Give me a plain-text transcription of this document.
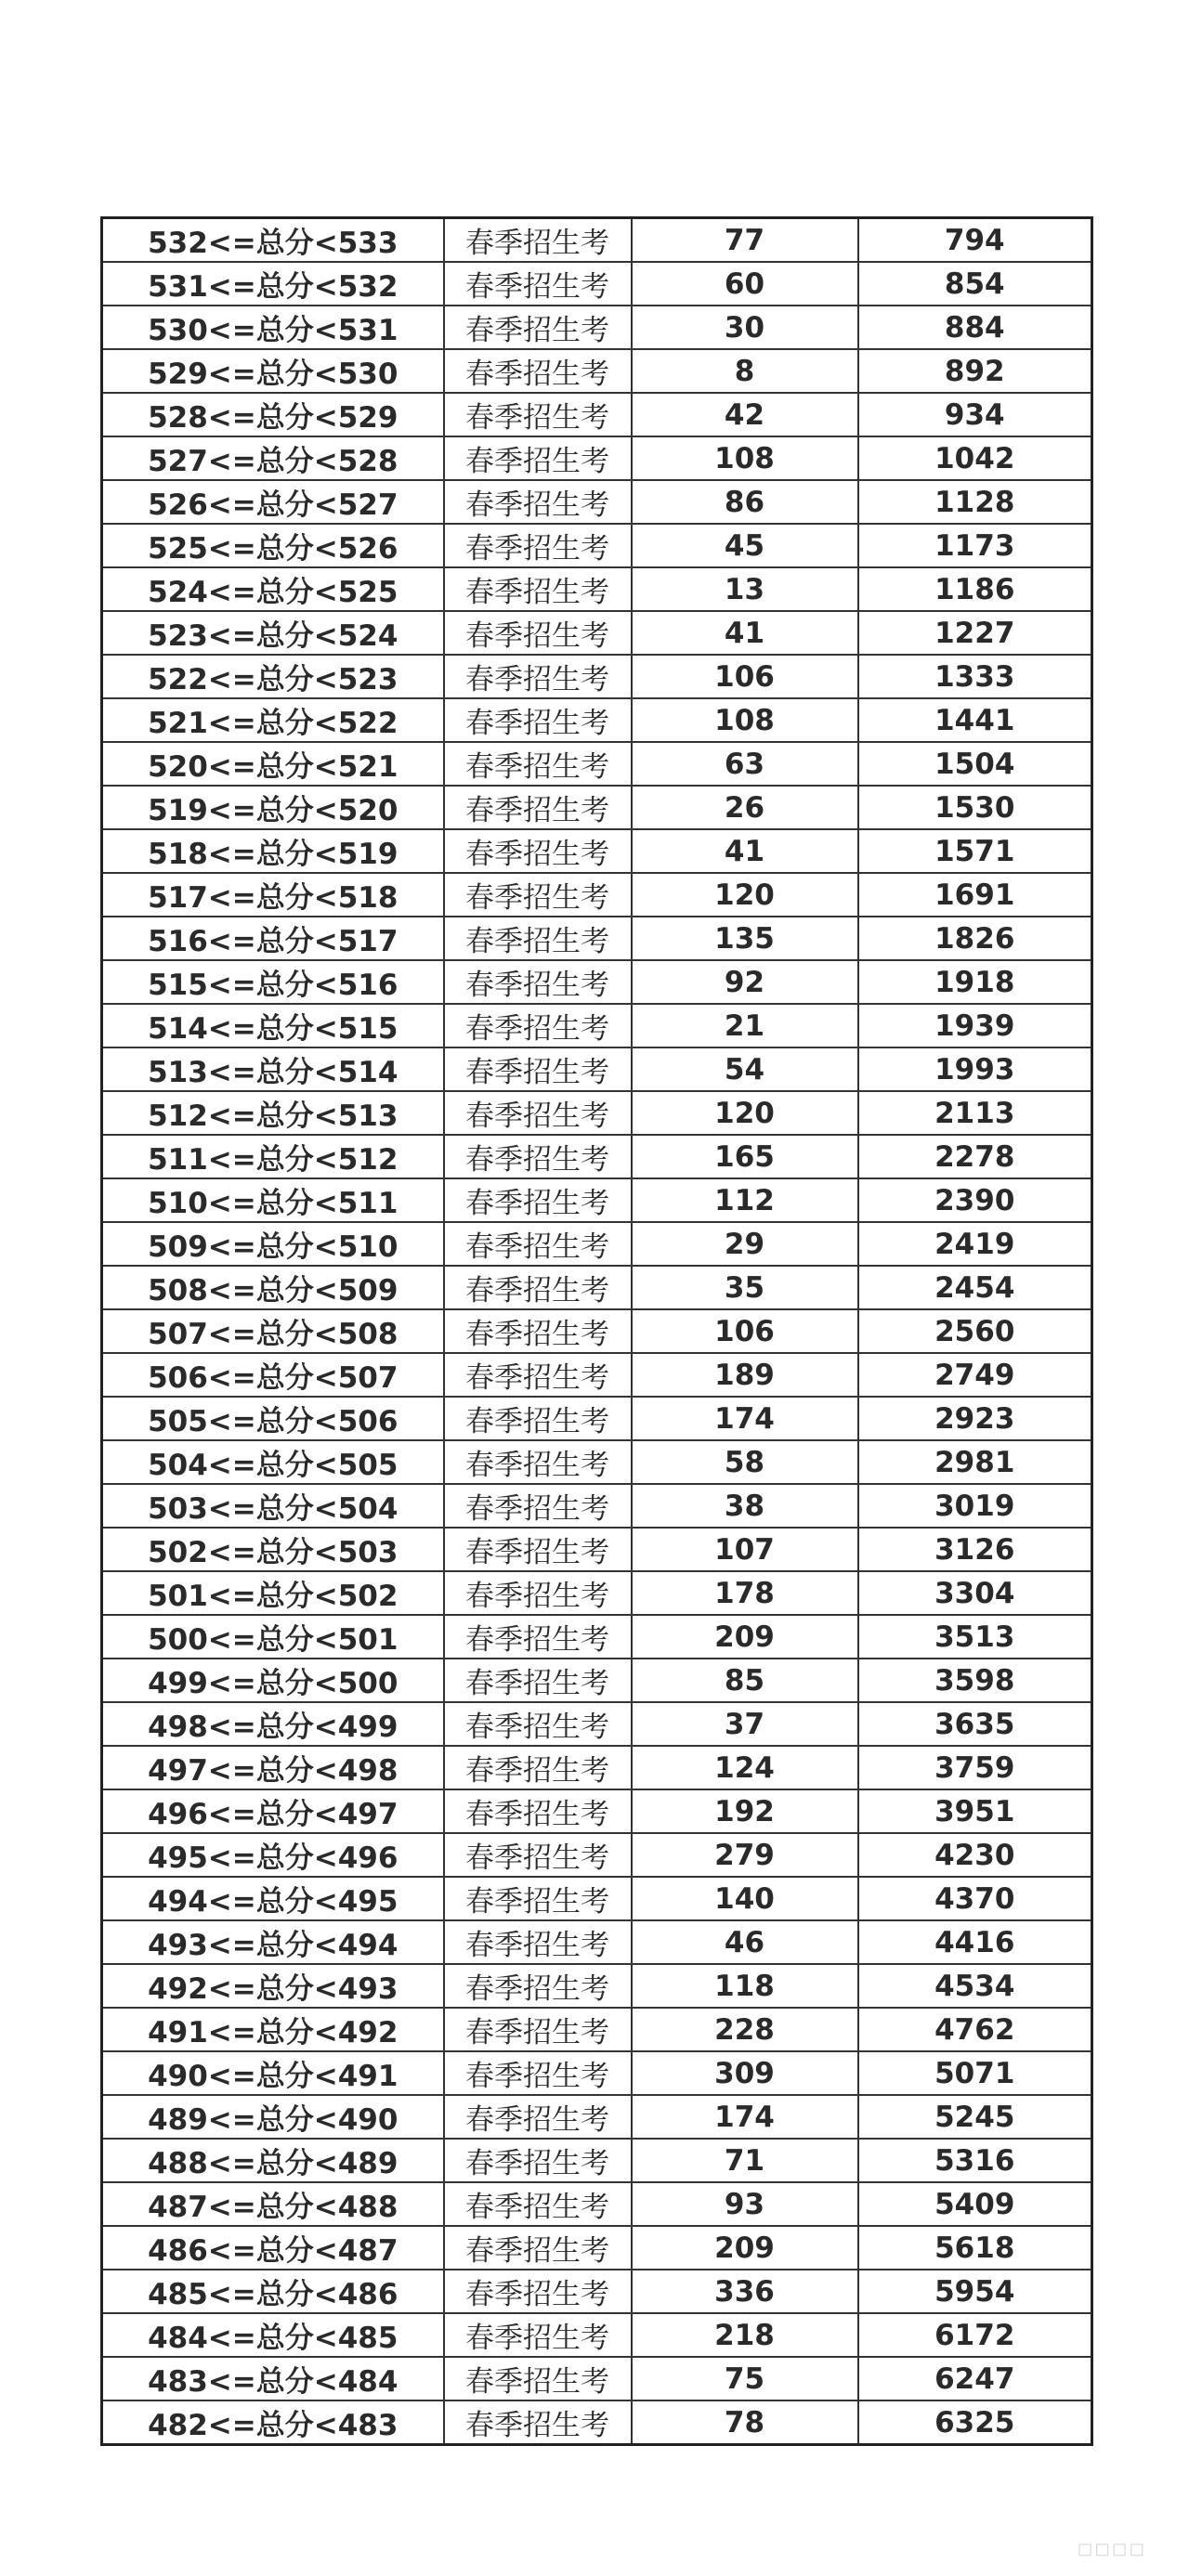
532<=总分<533	春季招生考	77	794
531<=总分<532	春季招生考	60	854
530<=总分<531	春季招生考	30	884
529<=总分<530	春季招生考	8	892
528<=总分<529	春季招生考	42	934
527<=总分<528	春季招生考	108	1042
526<=总分<527	春季招生考	86	1128
525<=总分<526	春季招生考	45	1173
524<=总分<525	春季招生考	13	1186
523<=总分<524	春季招生考	41	1227
522<=总分<523	春季招生考	106	1333
521<=总分<522	春季招生考	108	1441
520<=总分<521	春季招生考	63	1504
519<=总分<520	春季招生考	26	1530
518<=总分<519	春季招生考	41	1571
517<=总分<518	春季招生考	120	1691
516<=总分<517	春季招生考	135	1826
515<=总分<516	春季招生考	92	1918
514<=总分<515	春季招生考	21	1939
513<=总分<514	春季招生考	54	1993
512<=总分<513	春季招生考	120	2113
511<=总分<512	春季招生考	165	2278
510<=总分<511	春季招生考	112	2390
509<=总分<510	春季招生考	29	2419
508<=总分<509	春季招生考	35	2454
507<=总分<508	春季招生考	106	2560
506<=总分<507	春季招生考	189	2749
505<=总分<506	春季招生考	174	2923
504<=总分<505	春季招生考	58	2981
503<=总分<504	春季招生考	38	3019
502<=总分<503	春季招生考	107	3126
501<=总分<502	春季招生考	178	3304
500<=总分<501	春季招生考	209	3513
499<=总分<500	春季招生考	85	3598
498<=总分<499	春季招生考	37	3635
497<=总分<498	春季招生考	124	3759
496<=总分<497	春季招生考	192	3951
495<=总分<496	春季招生考	279	4230
494<=总分<495	春季招生考	140	4370
493<=总分<494	春季招生考	46	4416
492<=总分<493	春季招生考	118	4534
491<=总分<492	春季招生考	228	4762
490<=总分<491	春季招生考	309	5071
489<=总分<490	春季招生考	174	5245
488<=总分<489	春季招生考	71	5316
487<=总分<488	春季招生考	93	5409
486<=总分<487	春季招生考	209	5618
485<=总分<486	春季招生考	336	5954
484<=总分<485	春季招生考	218	6172
483<=总分<484	春季招生考	75	6247
482<=总分<483	春季招生考	78	6325
◻◻◻◻
